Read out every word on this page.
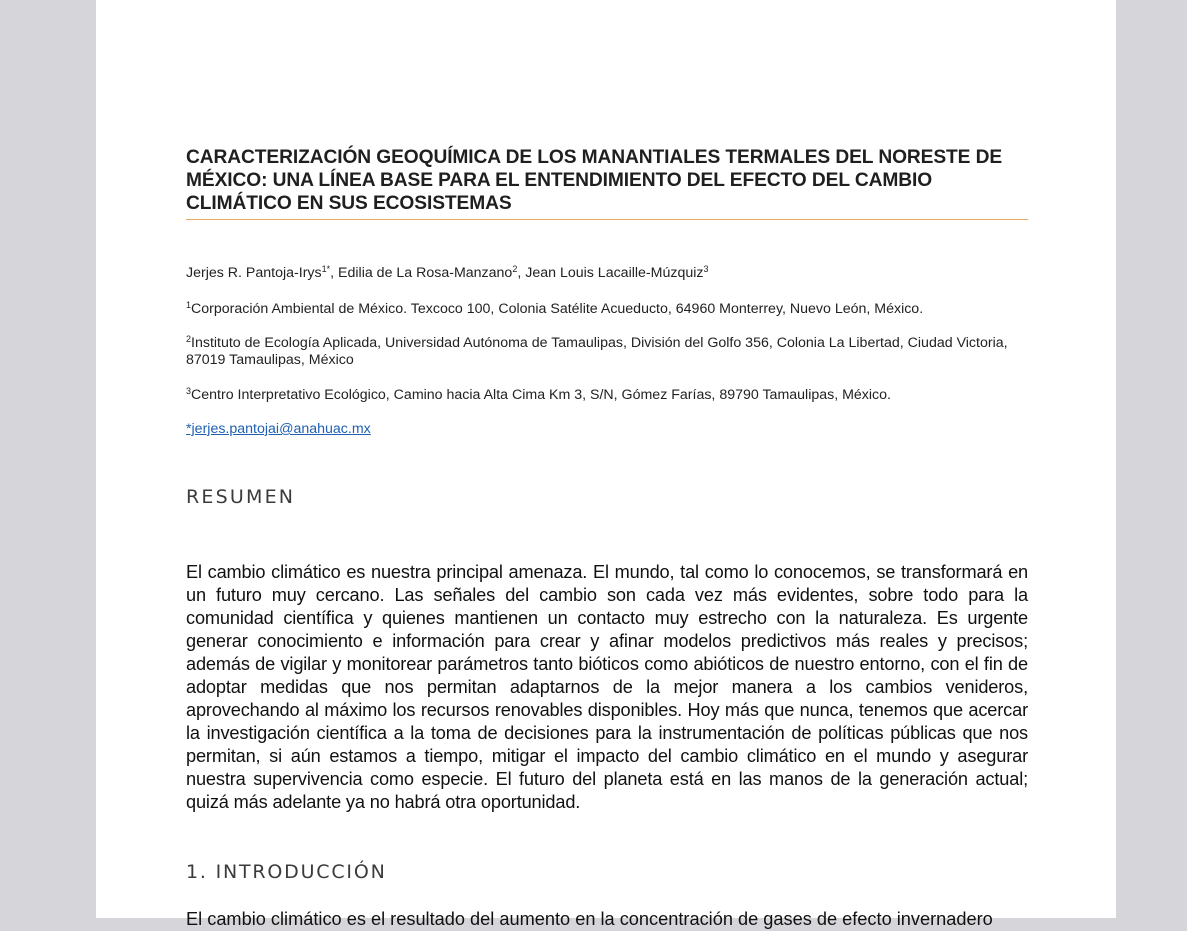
CARACTERIZACIÓN GEOQUÍMICA DE LOS MANANTIALES TERMALES DEL NORESTE DE MÉXICO: UNA LÍNEA BASE PARA EL ENTENDIMIENTO DEL EFECTO DEL CAMBIO CLIMÁTICO EN SUS ECOSISTEMAS
Jerjes R. Pantoja-Irys$^{1*}$, Edilia de La Rosa-Manzano$^2$, Jean Louis Lacaille-Múzquiz$^3$
$^1$Corporación Ambiental de México. Texcoco 100, Colonia Satélite Acueducto, 64960 Monterrey, Nuevo León, México.
$^2$Instituto de Ecología Aplicada, Universidad Autónoma de Tamaulipas, División del Golfo 356, Colonia La Libertad, Ciudad Victoria, 87019 Tamaulipas, México
$^3$Centro Interpretativo Ecológico, Camino hacia Alta Cima Km 3, S/N, Gómez Farías, 89790 Tamaulipas, México.
*jerjes.pantojai@anahuac.mx
RESUMEN

El cambio climático es nuestra principal amenaza. El mundo, tal como lo conocemos, se transformará en un futuro muy cercano. Las señales del cambio son cada vez más evidentes, sobre todo para la comunidad científica y quienes mantienen un contacto muy estrecho con la naturaleza. Es urgente generar conocimiento e información para crear y afinar modelos predictivos más reales y precisos; además de vigilar y monitorear parámetros tanto bióticos como abióticos de nuestro entorno, con el fin de adoptar medidas que nos permitan adaptarnos de la mejor manera a los cambios venideros, aprovechando al máximo los recursos renovables disponibles. Hoy más que nunca, tenemos que acercar la investigación científica a la toma de decisiones para la instrumentación de políticas públicas que nos permitan, si aún estamos a tiempo, mitigar el impacto del cambio climático en el mundo y asegurar nuestra supervivencia como especie. El futuro del planeta está en las manos de la generación actual; quizá más adelante ya no habrá otra oportunidad.

1. INTRODUCCIÓN
El cambio climático es el resultado del aumento en la concentración de gases de efecto invernadero
